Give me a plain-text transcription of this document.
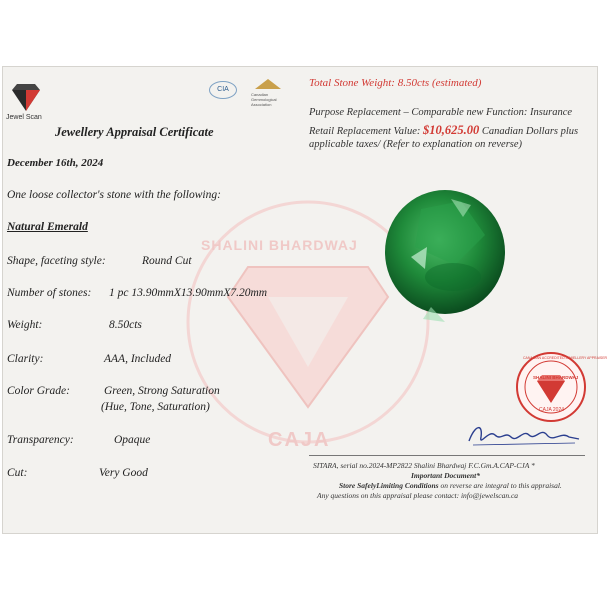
SHALINI BHARDWAJ
CAJA
Jewel Scan
CIA
Canadian Gemmological Association
Jewellery Appraisal Certificate
December 16th, 2024
One loose collector's stone with the following:
Natural Emerald
Shape, faceting style:	Round Cut
Number of stones: 1 pc 13.90mmX13.90mmX7.20mm
Weight:	8.50cts
Clarity:	AAA, Included
Color Grade:	Green, Strong Saturation
(Hue, Tone, Saturation)
Transparency:	Opaque
Cut:	Very Good
Total Stone Weight: 8.50cts (estimated)
Purpose Replacement – Comparable new Function: Insurance
Retail Replacement Value: $10,625.00 Canadian Dollars plus
applicable taxes/ (Refer to explanation on reverse)
CANADIAN ACCREDITED JEWELLERY APPRAISER
SHALINI BHARDWAJ
CAJA 2024
SITARA, serial no.2024-MP2822 Shalini Bhardwaj F.C.Gm.A.CAP-CJA *
Important Document*
Store SafelyLimiting Conditions on reverse are integral to this appraisal.
Any questions on this appraisal please contact: info@jewelscan.ca
